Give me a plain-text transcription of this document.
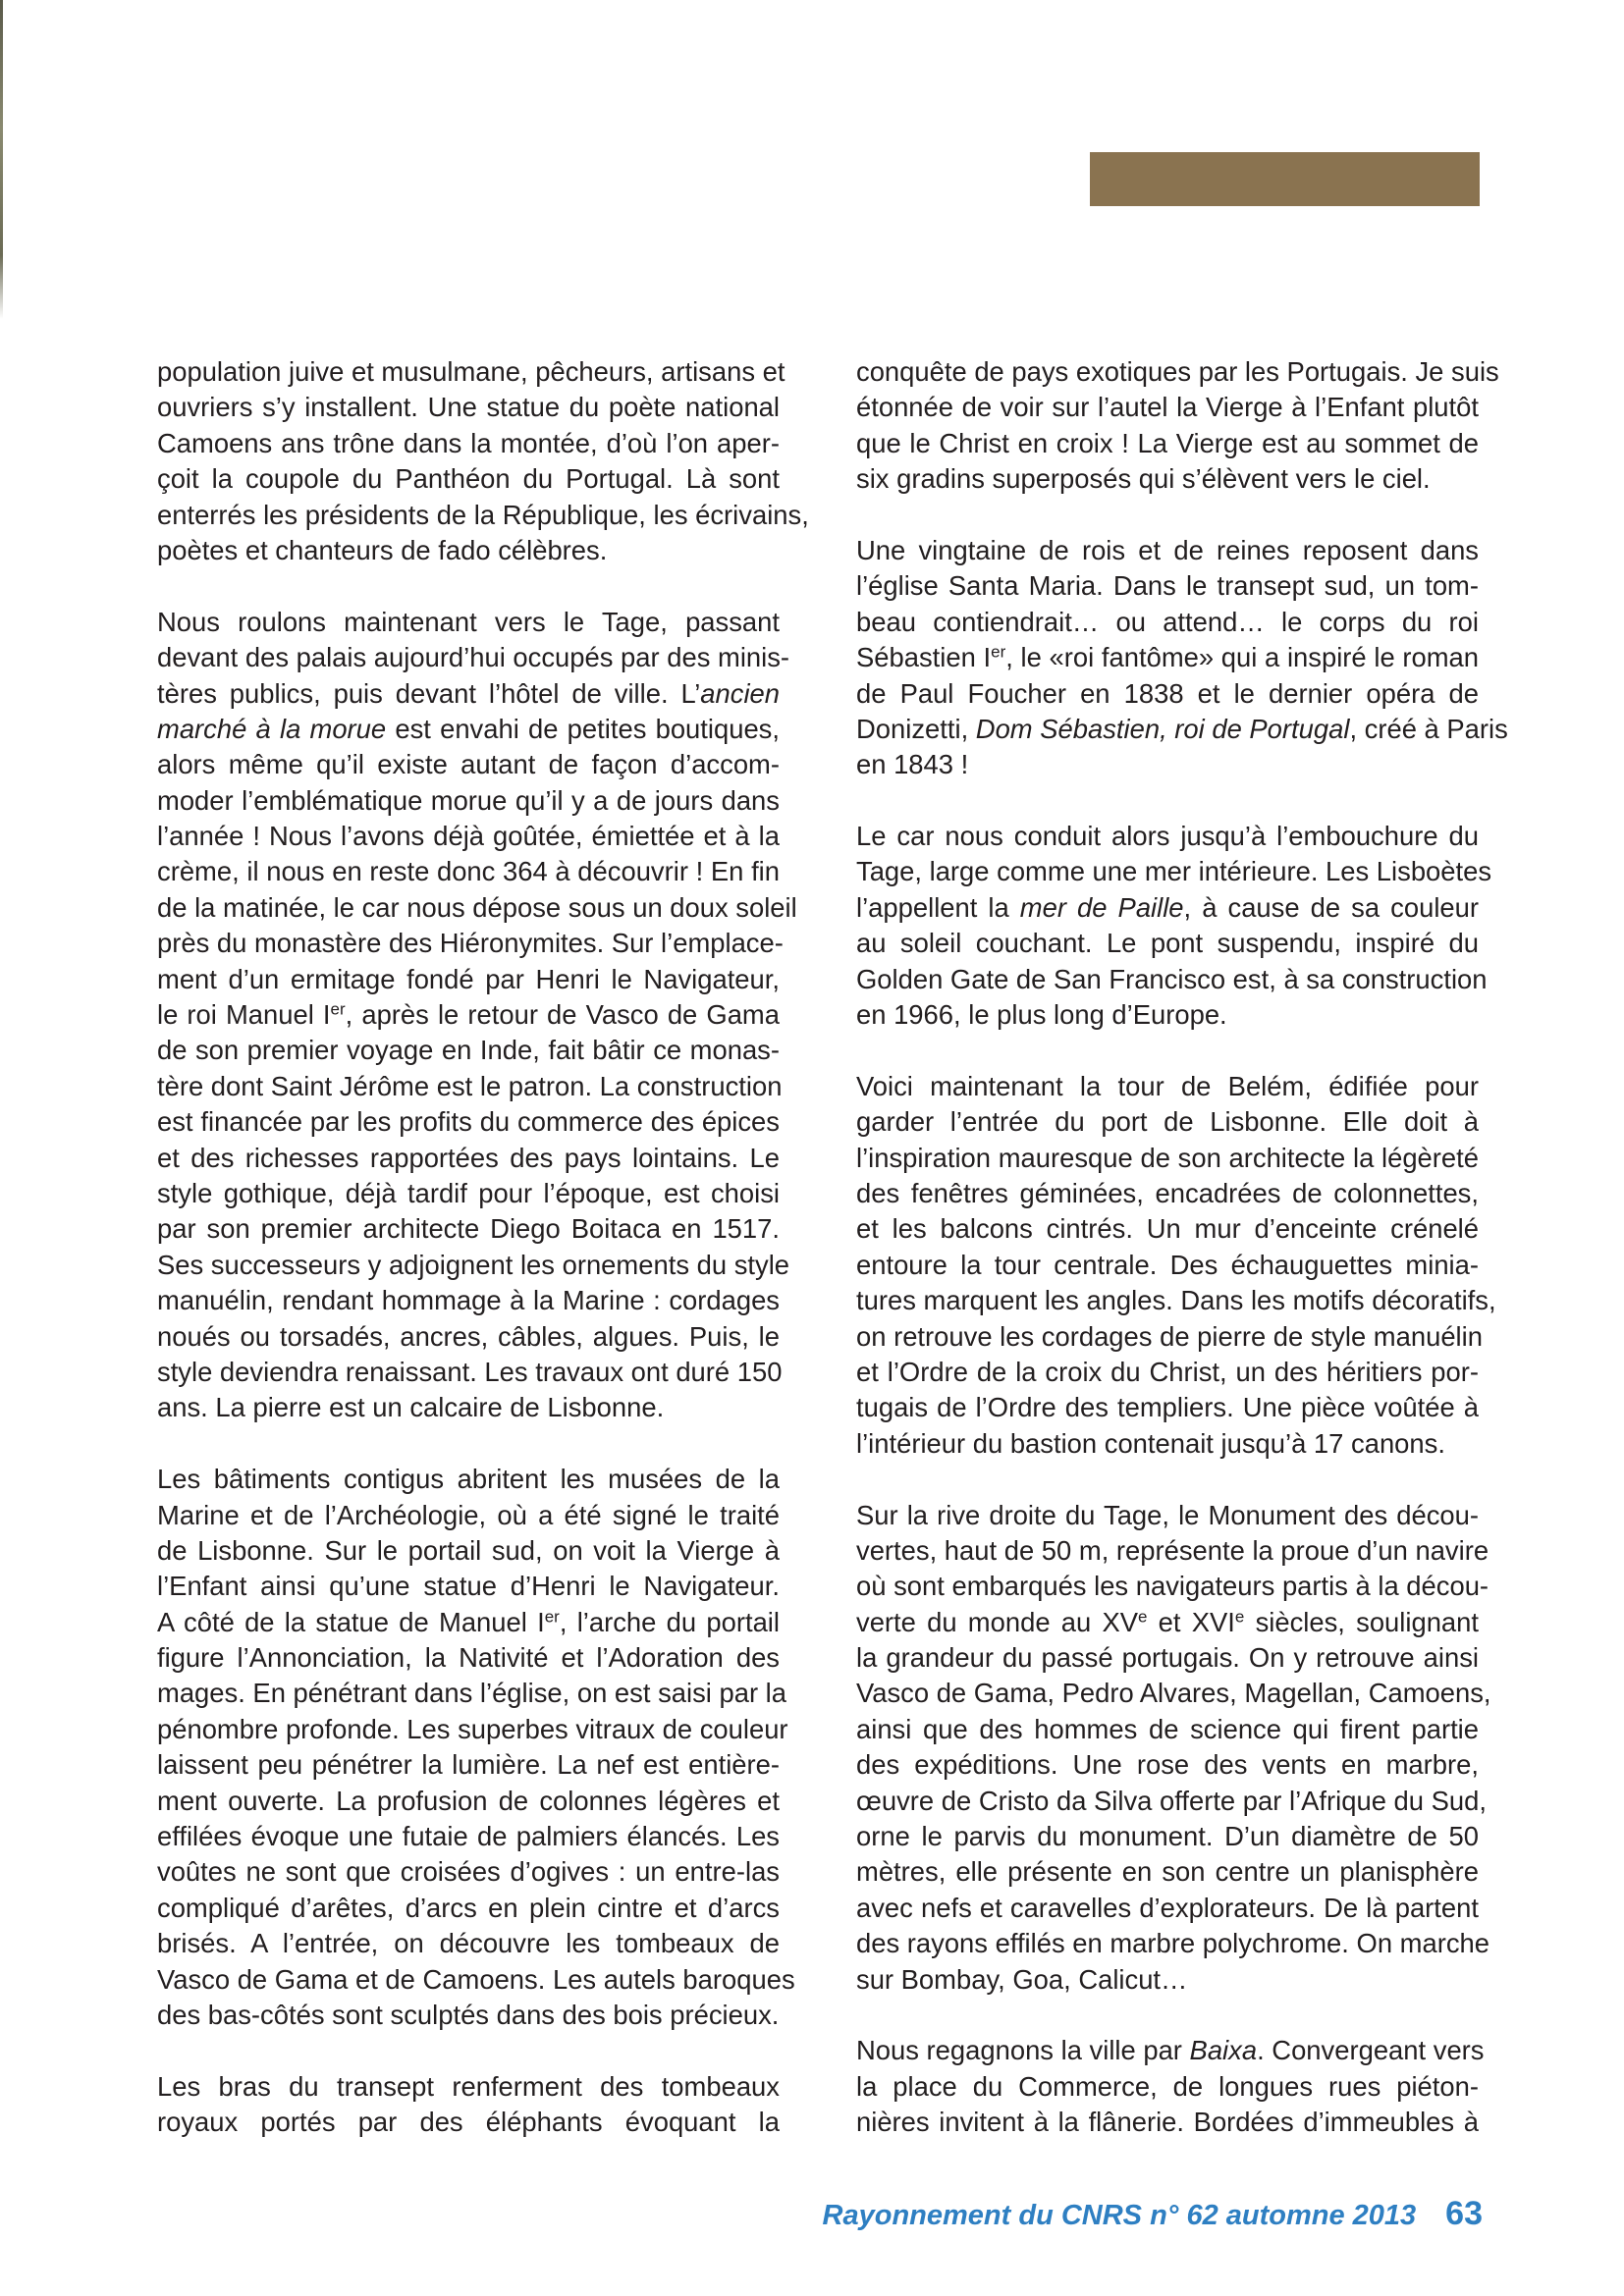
population juive et musulmane, pêcheurs, artisans et
ouvriers s’y installent. Une statue du poète national
Camoens ans trône dans la montée, d’où l’on aper-
çoit la coupole du Panthéon du Portugal. Là sont
enterrés les présidents de la République, les écrivains,
poètes et chanteurs de fado célèbres.
Nous roulons maintenant vers le Tage, passant
devant des palais aujourd’hui occupés par des minis-
tères publics, puis devant l’hôtel de ville. L’ancien
marché à la morue est envahi de petites boutiques,
alors même qu’il existe autant de façon d’accom-
moder l’emblématique morue qu’il y a de jours dans
l’année ! Nous l’avons déjà goûtée, émiettée et à la
crème, il nous en reste donc 364 à découvrir ! En fin
de la matinée, le car nous dépose sous un doux soleil
près du monastère des Hiéronymites. Sur l’emplace-
ment d’un ermitage fondé par Henri le Navigateur,
le roi Manuel Ier, après le retour de Vasco de Gama
de son premier voyage en Inde, fait bâtir ce monas-
tère dont Saint Jérôme est le patron. La construction
est financée par les profits du commerce des épices
et des richesses rapportées des pays lointains. Le
style gothique, déjà tardif pour l’époque, est choisi
par son premier architecte Diego Boitaca en 1517.
Ses successeurs y adjoignent les ornements du style
manuélin, rendant hommage à la Marine : cordages
noués ou torsadés, ancres, câbles, algues. Puis, le
style deviendra renaissant. Les travaux ont duré 150
ans. La pierre est un calcaire de Lisbonne.
Les bâtiments contigus abritent les musées de la
Marine et de l’Archéologie, où a été signé le traité
de Lisbonne. Sur le portail sud, on voit la Vierge à
l’Enfant ainsi qu’une statue d’Henri le Navigateur.
A côté de la statue de Manuel Ier, l’arche du portail
figure l’Annonciation, la Nativité et l’Adoration des
mages. En pénétrant dans l’église, on est saisi par la
pénombre profonde. Les superbes vitraux de couleur
laissent peu pénétrer la lumière. La nef est entière-
ment ouverte. La profusion de colonnes légères et
effilées évoque une futaie de palmiers élancés. Les
voûtes ne sont que croisées d’ogives : un entre-las
compliqué d’arêtes, d’arcs en plein cintre et d’arcs
brisés. A l’entrée, on découvre les tombeaux de
Vasco de Gama et de Camoens. Les autels baroques
des bas-côtés sont sculptés dans des bois précieux.
Les bras du transept renferment des tombeaux
royaux portés par des éléphants évoquant la
conquête de pays exotiques par les Portugais. Je suis
étonnée de voir sur l’autel la Vierge à l’Enfant plutôt
que le Christ en croix ! La Vierge est au sommet de
six gradins superposés qui s’élèvent vers le ciel.
Une vingtaine de rois et de reines reposent dans
l’église Santa Maria. Dans le transept sud, un tom-
beau contiendrait… ou attend… le corps du roi
Sébastien Ier, le «roi fantôme» qui a inspiré le roman
de Paul Foucher en 1838 et le dernier opéra de
Donizetti, Dom Sébastien, roi de Portugal, créé à Paris
en 1843 !
Le car nous conduit alors jusqu’à l’embouchure du
Tage, large comme une mer intérieure. Les Lisboètes
l’appellent la mer de Paille, à cause de sa couleur
au soleil couchant. Le pont suspendu, inspiré du
Golden Gate de San Francisco est, à sa construction
en 1966, le plus long d’Europe.
Voici maintenant la tour de Belém, édifiée pour
garder l’entrée du port de Lisbonne. Elle doit à
l’inspiration mauresque de son architecte la légèreté
des fenêtres géminées, encadrées de colonnettes,
et les balcons cintrés. Un mur d’enceinte crénelé
entoure la tour centrale. Des échauguettes minia-
tures marquent les angles. Dans les motifs décoratifs,
on retrouve les cordages de pierre de style manuélin
et l’Ordre de la croix du Christ, un des héritiers por-
tugais de l’Ordre des templiers. Une pièce voûtée à
l’intérieur du bastion contenait jusqu’à 17 canons.
Sur la rive droite du Tage, le Monument des décou-
vertes, haut de 50 m, représente la proue d’un navire
où sont embarqués les navigateurs partis à la décou-
verte du monde au XVe et XVIe siècles, soulignant
la grandeur du passé portugais. On y retrouve ainsi
Vasco de Gama, Pedro Alvares, Magellan, Camoens,
ainsi que des hommes de science qui firent partie
des expéditions. Une rose des vents en marbre,
œuvre de Cristo da Silva offerte par l’Afrique du Sud,
orne le parvis du monument. D’un diamètre de 50
mètres, elle présente en son centre un planisphère
avec nefs et caravelles d’explorateurs. De là partent
des rayons effilés en marbre polychrome. On marche
sur Bombay, Goa, Calicut…
Nous regagnons la ville par Baixa. Convergeant vers
la place du Commerce, de longues rues piéton-
nières invitent à la flânerie. Bordées d’immeubles à
Rayonnement du CNRS n° 62 automne 2013 63
